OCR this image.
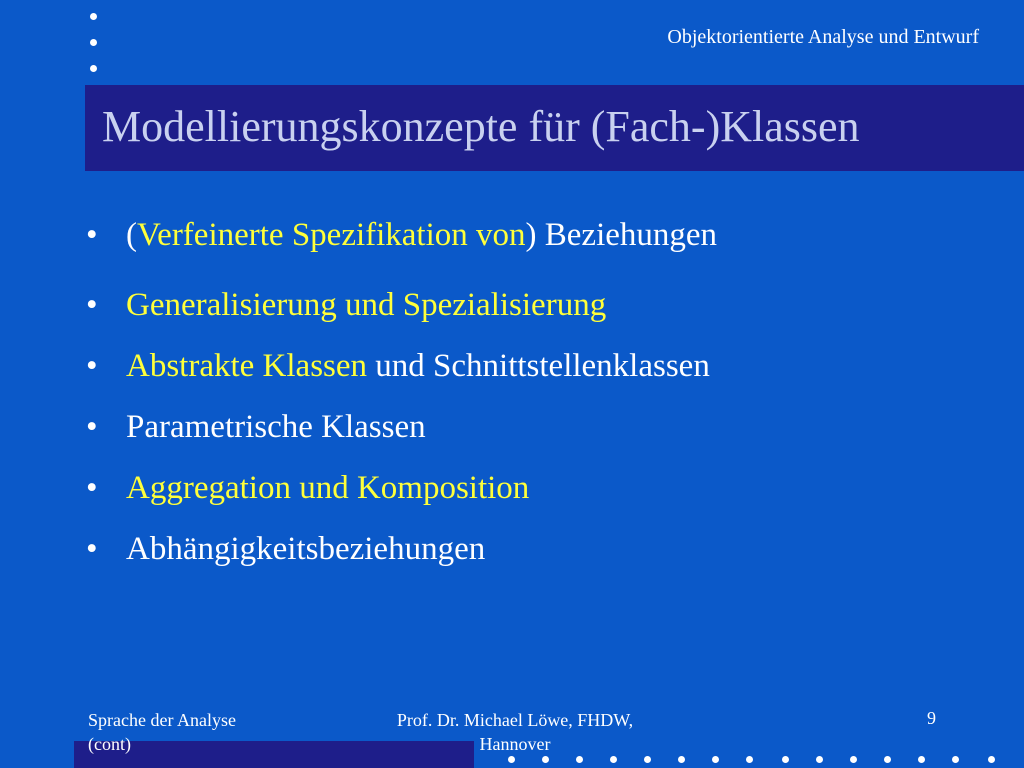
Objektorientierte Analyse und Entwurf
Modellierungskonzepte für (Fach-)Klassen
• (Verfeinerte Spezifikation von) Beziehungen
• Generalisierung und Spezialisierung
• Abstrakte Klassen und Schnittstellenklassen
• Parametrische Klassen
• Aggregation und Komposition
• Abhängigkeitsbeziehungen
Sprache der Analyse
(cont)
Prof. Dr. Michael Löwe, FHDW,
Hannover
9
